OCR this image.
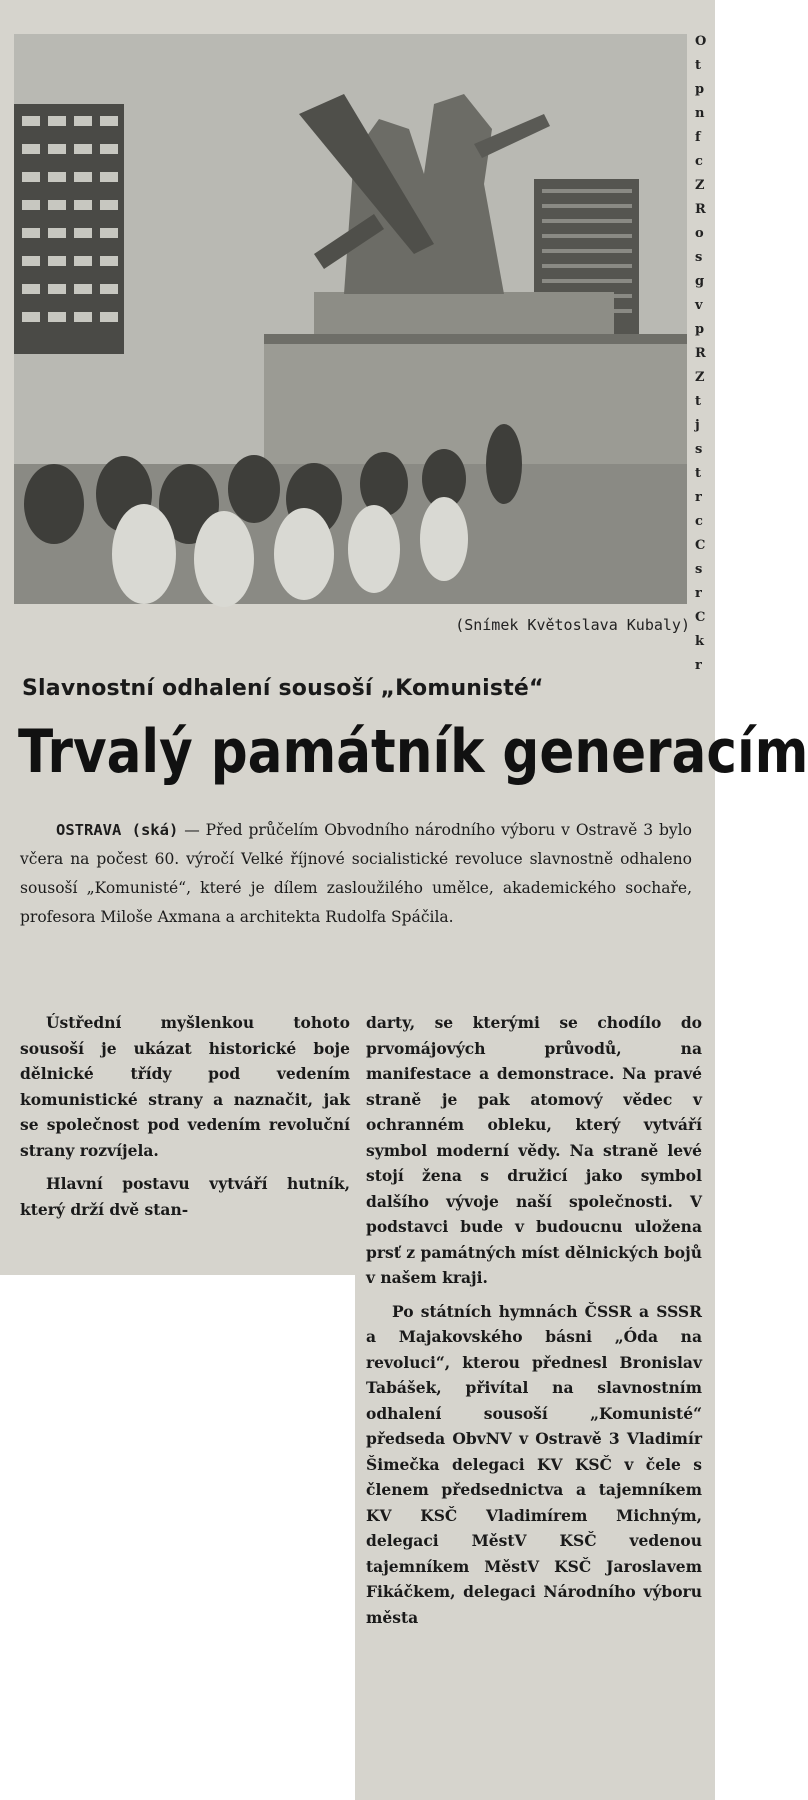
(Snímek Květoslava Kubaly)
Slavnostní odhalení sousoší „Komunisté“
Trvalý památník generacím

OSTRAVA (ská) — Před průčelím Obvodního národního výboru v Ostravě 3 bylo včera na počest 60. výročí Velké říjnové socialistické revoluce slavnostně odhaleno sousoší „Komunisté“, které je dílem zasloužilého umělce, akademického sochaře, profesora Miloše Axmana a architekta Rudolfa Spáčila.

Ústřední myšlenkou tohoto sousoší je ukázat historické boje dělnické třídy pod vedením komunistické strany a naznačit, jak se společnost pod vedením revoluční strany rozvíjela.

Hlavní postavu vytváří hutník, který drží dvě stan-

darty, se kterými se chodílo do prvomájových průvodů, na manifestace a demonstrace. Na pravé straně je pak atomový vědec v ochranném obleku, který vytváří symbol moderní vědy. Na straně levé stojí žena s družicí jako symbol dalšího vývoje naší společnosti. V podstavci bude v budoucnu uložena prsť z památných míst dělnických bojů v našem kraji.

Po státních hymnách ČSSR a SSSR a Majakovského básni „Óda na revoluci“, kterou přednesl Bronislav Tabášek, přivítal na slavnostním odhalení sousoší „Komunisté“ předseda ObvNV v Ostravě 3 Vladimír Šimečka delegaci KV KSČ v čele s členem předsednictva a tajemníkem KV KSČ Vladimírem Michným, delegaci MěstV KSČ vedenou tajemníkem MěstV KSČ Jaroslavem Fikáčkem, delegaci Národního výboru města

O
t
p
n
f
c
Z
R
o
s
g
v
p
R
Z
t
j
s
t
r
c
C
s
r
C
k
r
